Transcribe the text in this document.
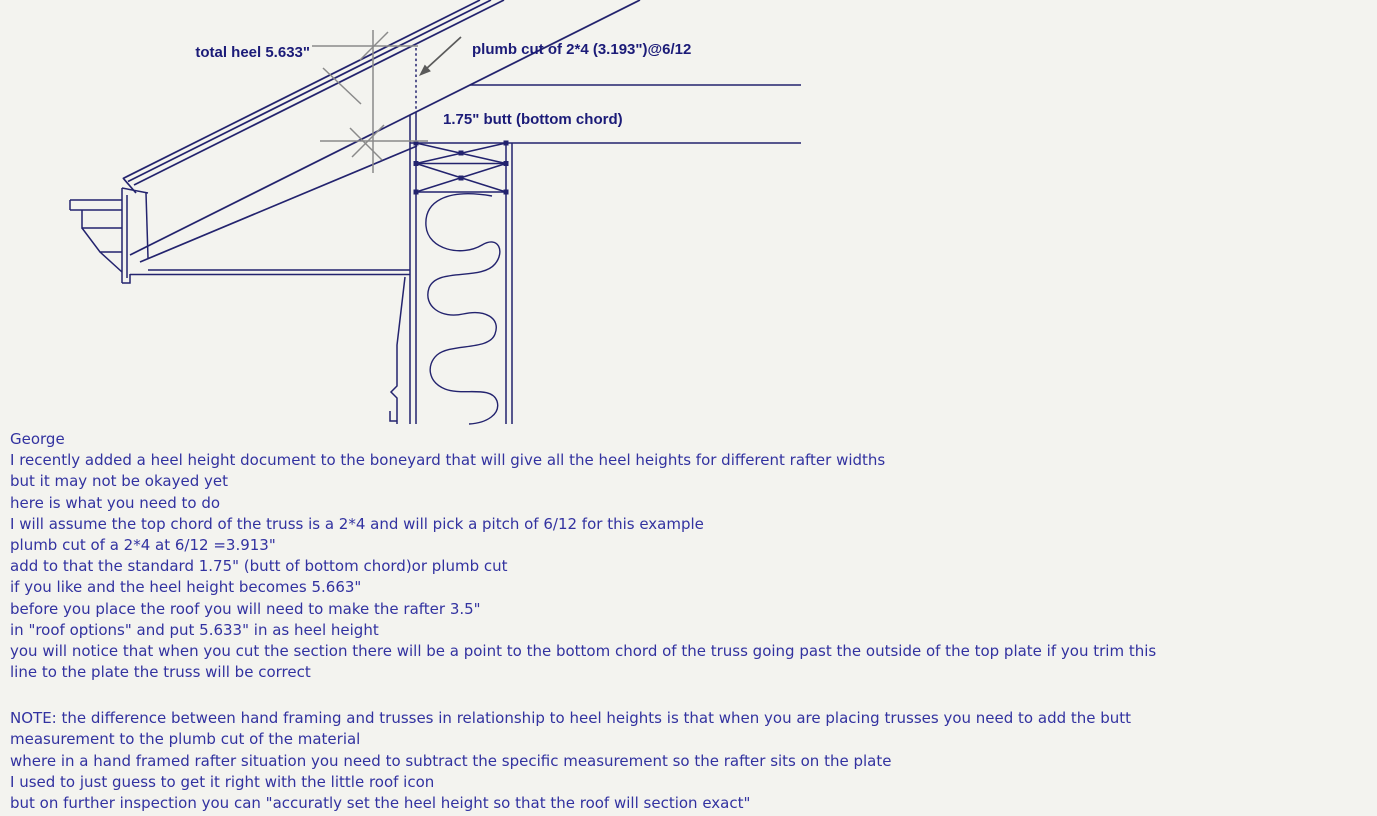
total heel 5.633"	plumb cut of 2*4 (3.193")@6/12
1.75" butt (bottom chord)
George
I recently added a heel height document to the boneyard that will give all the heel heights for different rafter widths
but it may not be okayed yet
here is what you need to do
I will assume the top chord of the truss is a 2*4 and will pick a pitch of 6/12 for this example
plumb cut of a 2*4 at 6/12 =3.913"
add to that the standard 1.75" (butt of bottom chord)or plumb cut
if you like and the heel height becomes 5.663"
before you place the roof you will need to make the rafter 3.5"
in "roof options" and put 5.633" in as heel height
you will notice that when you cut the section there will be a point to the bottom chord of the truss going past the outside of the top plate if you trim this
line to the plate the truss will be correct
NOTE: the difference between hand framing and trusses in relationship to heel heights is that when you are placing trusses you need to add the butt
measurement to the plumb cut of the material
where in a hand framed rafter situation you need to subtract the specific measurement so the rafter sits on the plate
I used to just guess to get it right with the little roof icon
but on further inspection you can "accuratly set the heel height so that the roof will section exact"
